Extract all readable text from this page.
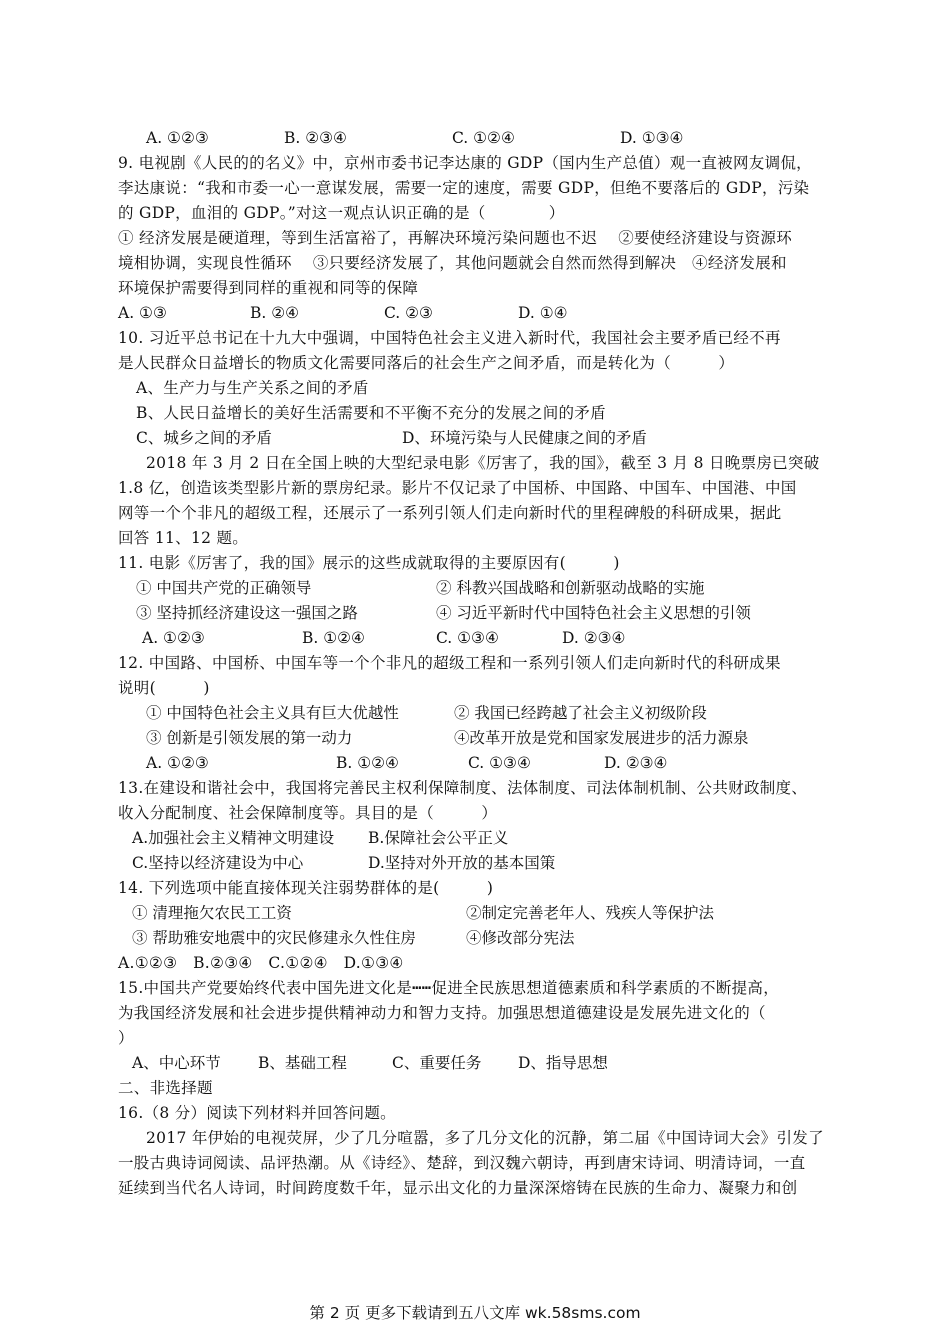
A. ①②③	B. ②③④	C. ①②④	D. ①③④
9. 电视剧《人民的的名义》中，京州市委书记李达康的 GDP（国内生产总值）观一直被网友调侃，
李达康说：“我和市委一心一意谋发展，需要一定的速度，需要 GDP，但绝不要落后的 GDP，污染
的 GDP，血泪的 GDP。”对这一观点认识正确的是（　　　　）
① 经济发展是硬道理，等到生活富裕了，再解决环境污染问题也不迟　 ②要使经济建设与资源环
境相协调，实现良性循环　 ③只要经济发展了，其他问题就会自然而然得到解决　④经济发展和
环境保护需要得到同样的重视和同等的保障
A. ①③	B. ②④	C. ②③	D. ①④
10. 习近平总书记在十九大中强调，中国特色社会主义进入新时代，我国社会主要矛盾已经不再
是人民群众日益增长的物质文化需要同落后的社会生产之间矛盾，而是转化为（　　　）
A、生产力与生产关系之间的矛盾
B、人民日益增长的美好生活需要和不平衡不充分的发展之间的矛盾
C、城乡之间的矛盾	D、环境污染与人民健康之间的矛盾
2018 年 3 月 2 日在全国上映的大型纪录电影《厉害了，我的国》，截至 3 月 8 日晚票房已突破
1.8 亿，创造该类型影片新的票房纪录。影片不仅记录了中国桥、中国路、中国车、中国港、中国
网等一个个非凡的超级工程，还展示了一系列引领人们走向新时代的里程碑般的科研成果，据此
回答 11、12 题。
11. 电影《厉害了，我的国》展示的这些成就取得的主要原因有(　　　)
① 中国共产党的正确领导	② 科教兴国战略和创新驱动战略的实施
③ 坚持抓经济建设这一强国之路	④ 习近平新时代中国特色社会主义思想的引领
A. ①②③	B. ①②④	C. ①③④	D. ②③④
12. 中国路、中国桥、中国车等一个个非凡的超级工程和一系列引领人们走向新时代的科研成果
说明(　　　)
① 中国特色社会主义具有巨大优越性	② 我国已经跨越了社会主义初级阶段
③ 创新是引领发展的第一动力	④改革开放是党和国家发展进步的活力源泉
A. ①②③	B. ①②④	C. ①③④	D. ②③④
13.在建设和谐社会中，我国将完善民主权利保障制度、法体制度、司法体制机制、公共财政制度、
收入分配制度、社会保障制度等。具目的是（　　　）
A.加强社会主义精神文明建设 B.保障社会公平正义
C.坚持以经济建设为中心	D.坚持对外开放的基本国策
14. 下列选项中能直接体现关注弱势群体的是(　　　)
① 清理拖欠农民工工资	②制定完善老年人、残疾人等保护法
③ 帮助雅安地震中的灾民修建永久性住房	④修改部分宪法
A.①②③　B.②③④　C.①②④　D.①③④
15.中国共产党要始终代表中国先进文化是┅┅促进全民族思想道德素质和科学素质的不断提高，
为我国经济发展和社会进步提供精神动力和智力支持。加强思想道德建设是发展先进文化的（
）
A、中心环节 B、基础工程	C、重要任务 D、指导思想
二、非选择题
16.（8 分）阅读下列材料并回答问题。
2017 年伊始的电视荧屏，少了几分喧嚣，多了几分文化的沉静，第二届《中国诗词大会》引发了
一股古典诗词阅读、品评热潮。从《诗经》、楚辞，到汉魏六朝诗，再到唐宋诗词、明清诗词，一直
延续到当代名人诗词，时间跨度数千年，显示出文化的力量深深熔铸在民族的生命力、凝聚力和创
第 2 页 更多下载请到五八文库 wk.58sms.com
